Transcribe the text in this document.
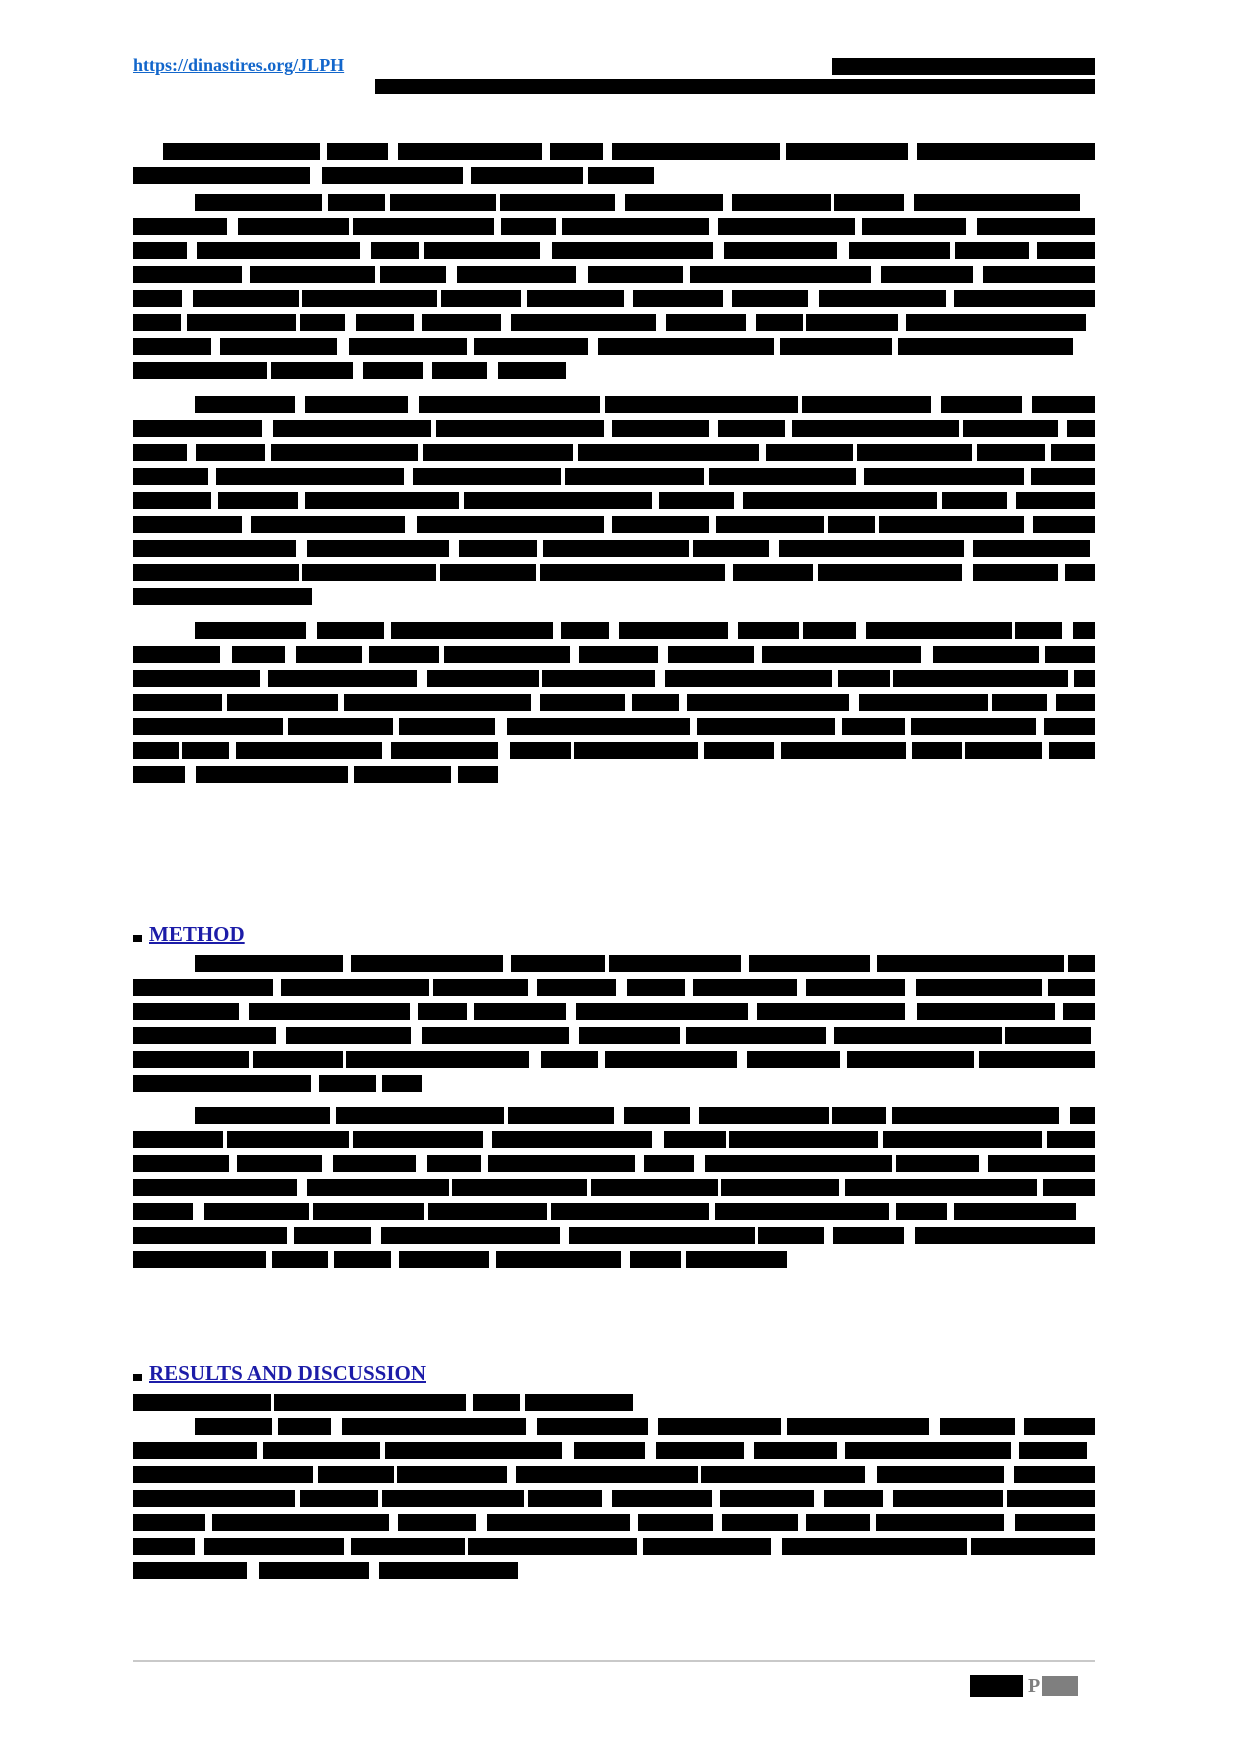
https://dinastires.org/JLPH
METHOD
RESULTS AND DISCUSSION
P
